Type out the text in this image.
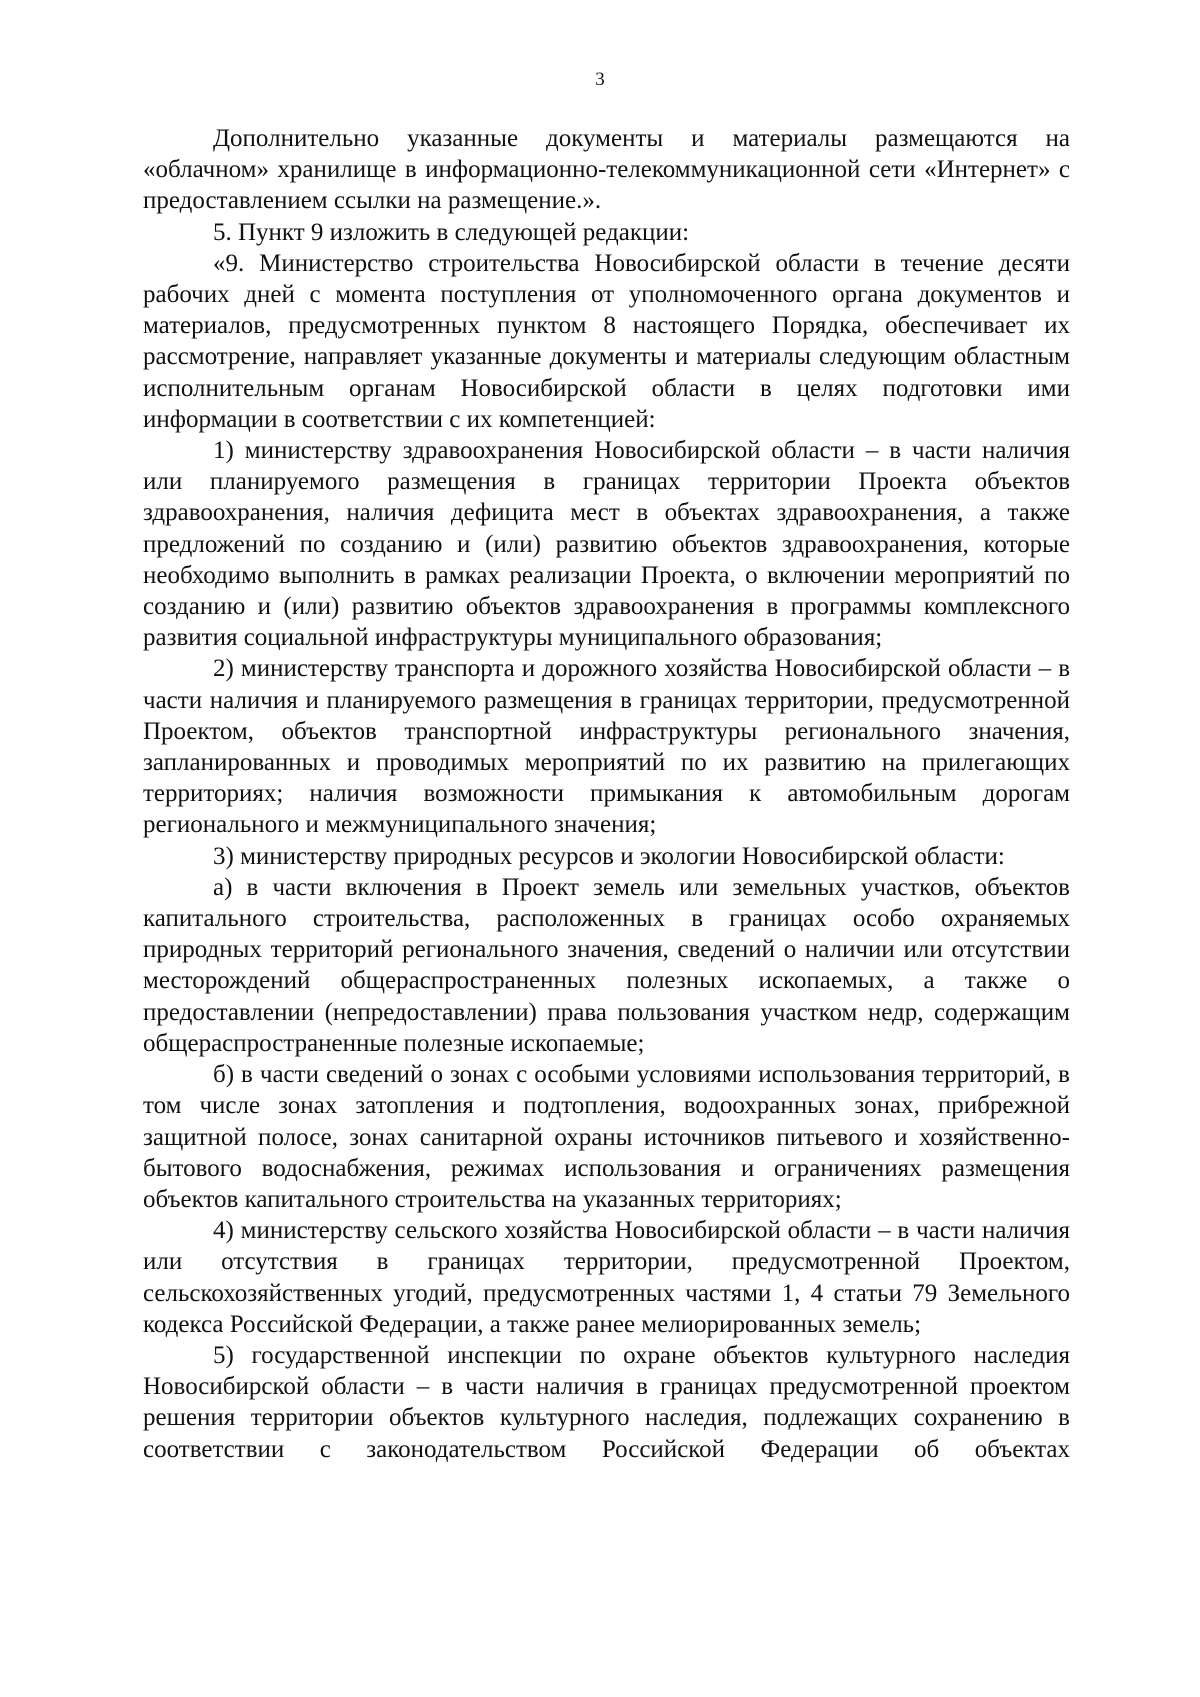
3

Дополнительно указанные документы и материалы размещаются на «облачном» хранилище в информационно-телекоммуникационной сети «Интернет» с предоставлением ссылки на размещение.».

5. Пункт 9 изложить в следующей редакции:

«9. Министерство строительства Новосибирской области в течение десяти рабочих дней с момента поступления от уполномоченного органа документов и материалов, предусмотренных пунктом 8 настоящего Порядка, обеспечивает их рассмотрение, направляет указанные документы и материалы следующим областным исполнительным органам Новосибирской области в целях подготовки ими информации в соответствии с их компетенцией:

1) министерству здравоохранения Новосибирской области – в части наличия или планируемого размещения в границах территории Проекта объектов здравоохранения, наличия дефицита мест в объектах здравоохранения, а также предложений по созданию и (или) развитию объектов здравоохранения, которые необходимо выполнить в рамках реализации Проекта, о включении мероприятий по созданию и (или) развитию объектов здравоохранения в программы комплексного развития социальной инфраструктуры муниципального образования;

2) министерству транспорта и дорожного хозяйства Новосибирской области – в части наличия и планируемого размещения в границах территории, предусмотренной Проектом, объектов транспортной инфраструктуры регионального значения, запланированных и проводимых мероприятий по их развитию на прилегающих территориях; наличия возможности примыкания к автомобильным дорогам регионального и межмуниципального значения;

3) министерству природных ресурсов и экологии Новосибирской области:

а) в части включения в Проект земель или земельных участков, объектов капитального строительства, расположенных в границах особо охраняемых природных территорий регионального значения, сведений о наличии или отсутствии месторождений общераспространенных полезных ископаемых, а также о предоставлении (непредоставлении) права пользования участком недр, содержащим общераспространенные полезные ископаемые;

б) в части сведений о зонах с особыми условиями использования территорий, в том числе зонах затопления и подтопления, водоохранных зонах, прибрежной защитной полосе, зонах санитарной охраны источников питьевого и хозяйственно-бытового водоснабжения, режимах использования и ограничениях размещения объектов капитального строительства на указанных территориях;

4) министерству сельского хозяйства Новосибирской области – в части наличия или отсутствия в границах территории, предусмотренной Проектом, сельскохозяйственных угодий, предусмотренных частями 1, 4 статьи 79 Земельного кодекса Российской Федерации, а также ранее мелиорированных земель;

5) государственной инспекции по охране объектов культурного наследия Новосибирской области – в части наличия в границах предусмотренной проектом решения территории объектов культурного наследия, подлежащих сохранению в соответствии с законодательством Российской Федерации об объектах
